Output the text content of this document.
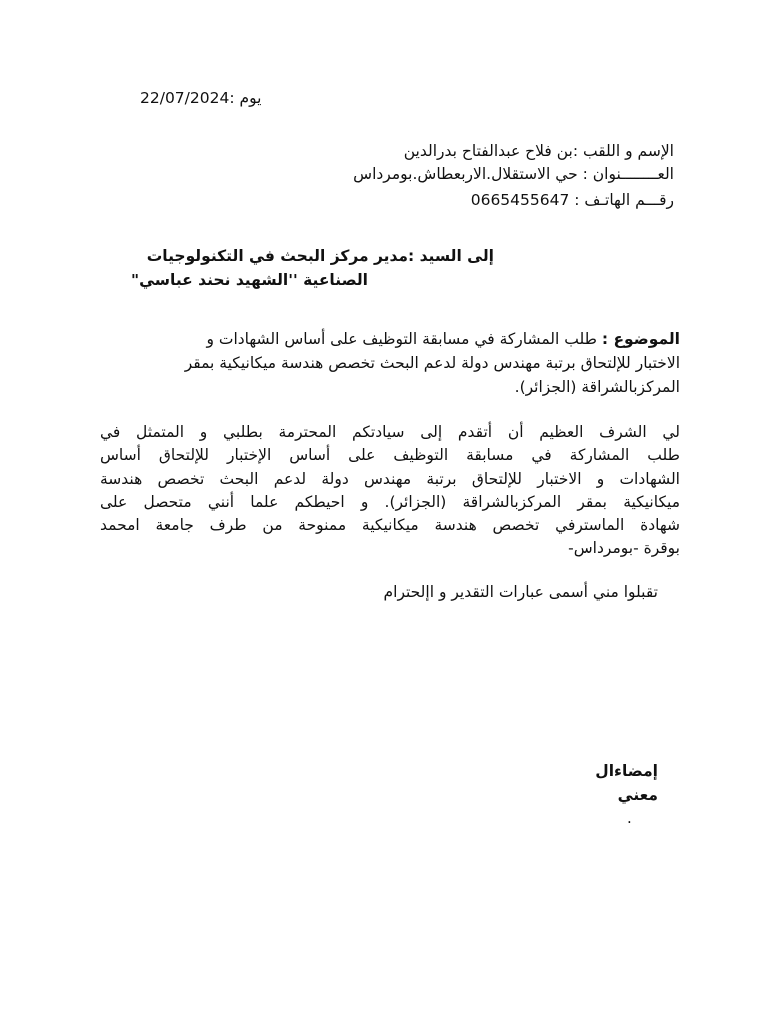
22/07/2024يوم :
الإسم و اللقب :بن فلاح عبدالفتاح بدرالدين
العــــــــنوان : حي الاستقلال.الاربعطاش.بومرداس
رقـــم الهاتـف : 0665455647
إلى السيد :مدير مركز البحث في التكنولوجيات
الصناعية ''الشهيد نحند عباسي"
الموضوع : طلب المشاركة في مسابقة التوظيف على أساس الشهادات و
الاختبار للإلتحاق برتبة مهندس دولة لدعم البحث تخصص هندسة ميكانيكية بمقر
المركزبالشراقة (الجزائر).
لي الشرف العظيم أن أتقدم إلى سيادتكم المحترمة بطلبي و المتمثل في
طلب المشاركة في مسابقة التوظيف على أساس الإختبار للإلتحاق أساس
الشهادات و الاختبار للإلتحاق برتبة مهندس دولة لدعم البحث تخصص هندسة
ميكانيكية بمقر المركزبالشراقة (الجزائر). و احيطكم علما أنني متحصل على
شهادة الماسترفي تخصص هندسة ميكانيكية ممنوحة من طرف جامعة امحمد
بوقرة -بومرداس-
تقبلوا مني أسمى عبارات التقدير و اإلحترام
إمضاءال
معني
.
